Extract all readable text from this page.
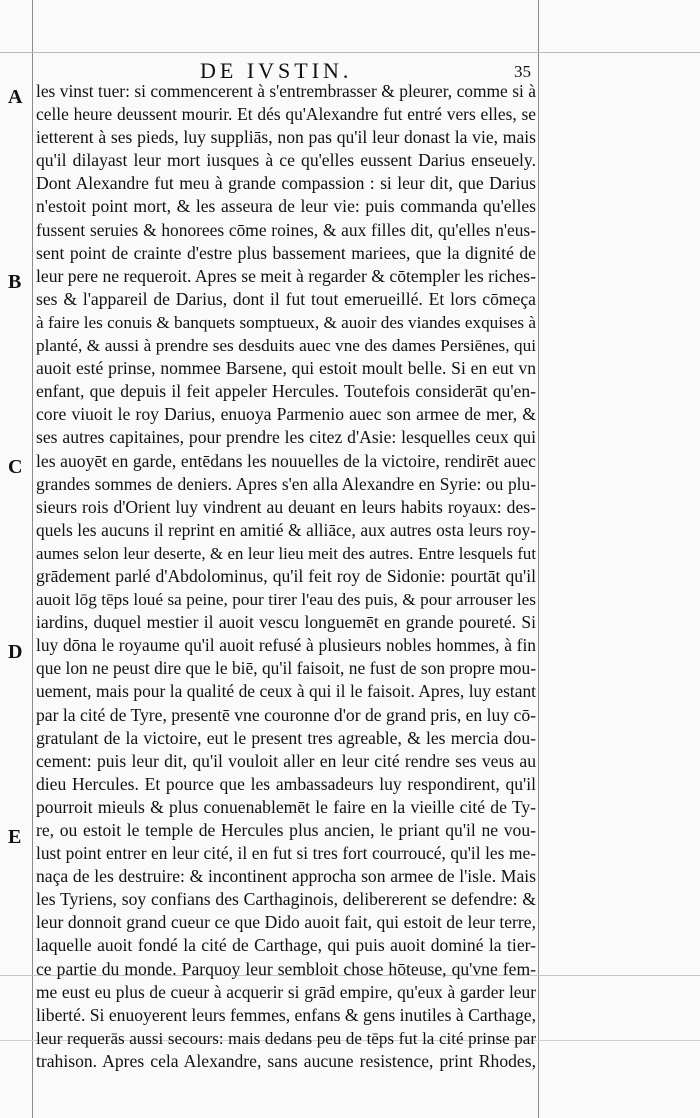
DE IVSTIN.	35
A
B
C
D
E
les vinst tuer: si commencerent à s'entrembrasser & pleurer, comme si à
celle heure deussent mourir. Et dés qu'Alexandre fut entré vers elles, se
ietterent à ses pieds, luy suppliās, non pas qu'il leur donast la vie, mais
qu'il dilayast leur mort iusques à ce qu'elles eussent Darius enseuely.
Dont Alexandre fut meu à grande compassion : si leur dit, que Darius
n'estoit point mort, & les asseura de leur vie: puis commanda qu'elles
fussent seruies & honorees cōme roines, & aux filles dit, qu'elles n'eus-
sent point de crainte d'estre plus bassement mariees, que la dignité de
leur pere ne requeroit. Apres se meit à regarder & cōtempler les riches-
ses & l'appareil de Darius, dont il fut tout emerueillé. Et lors cōmeça
à faire les conuis & banquets somptueux, & auoir des viandes exquises à
planté, & aussi à prendre ses desduits auec vne des dames Persiēnes, qui
auoit esté prinse, nommee Barsene, qui estoit moult belle. Si en eut vn
enfant, que depuis il feit appeler Hercules. Toutefois considerāt qu'en-
core viuoit le roy Darius, enuoya Parmenio auec son armee de mer, &
ses autres capitaines, pour prendre les citez d'Asie: lesquelles ceux qui
les auoyēt en garde, entēdans les nouuelles de la victoire, rendirēt auec
grandes sommes de deniers. Apres s'en alla Alexandre en Syrie: ou plu-
sieurs rois d'Orient luy vindrent au deuant en leurs habits royaux: des-
quels les aucuns il reprint en amitié & alliāce, aux autres osta leurs roy-
aumes selon leur deserte, & en leur lieu meit des autres. Entre lesquels fut
grādement parlé d'Abdolominus, qu'il feit roy de Sidonie: pourtāt qu'il
auoit lōg tēps loué sa peine, pour tirer l'eau des puis, & pour arrouser les
iardins, duquel mestier il auoit vescu longuemēt en grande poureté. Si
luy dōna le royaume qu'il auoit refusé à plusieurs nobles hommes, à fin
que lon ne peust dire que le biē, qu'il faisoit, ne fust de son propre mou-
uement, mais pour la qualité de ceux à qui il le faisoit. Apres, luy estant
par la cité de Tyre, presentē vne couronne d'or de grand pris, en luy cō-
gratulant de la victoire, eut le present tres agreable, & les mercia dou-
cement: puis leur dit, qu'il vouloit aller en leur cité rendre ses veus au
dieu Hercules. Et pource que les ambassadeurs luy respondirent, qu'il
pourroit mieuls & plus conuenablemēt le faire en la vieille cité de Ty-
re, ou estoit le temple de Hercules plus ancien, le priant qu'il ne vou-
lust point entrer en leur cité, il en fut si tres fort courroucé, qu'il les me-
naça de les destruire: & incontinent approcha son armee de l'isle. Mais
les Tyriens, soy confians des Carthaginois, delibererent se defendre: &
leur donnoit grand cueur ce que Dido auoit fait, qui estoit de leur terre,
laquelle auoit fondé la cité de Carthage, qui puis auoit dominé la tier-
ce partie du monde. Parquoy leur sembloit chose hōteuse, qu'vne fem-
me eust eu plus de cueur à acquerir si grād empire, qu'eux à garder leur
liberté. Si enuoyerent leurs femmes, enfans & gens inutiles à Carthage,
leur requerās aussi secours: mais dedans peu de tēps fut la cité prinse par
trahison. Apres cela Alexandre, sans aucune resistence, print Rhodes,
